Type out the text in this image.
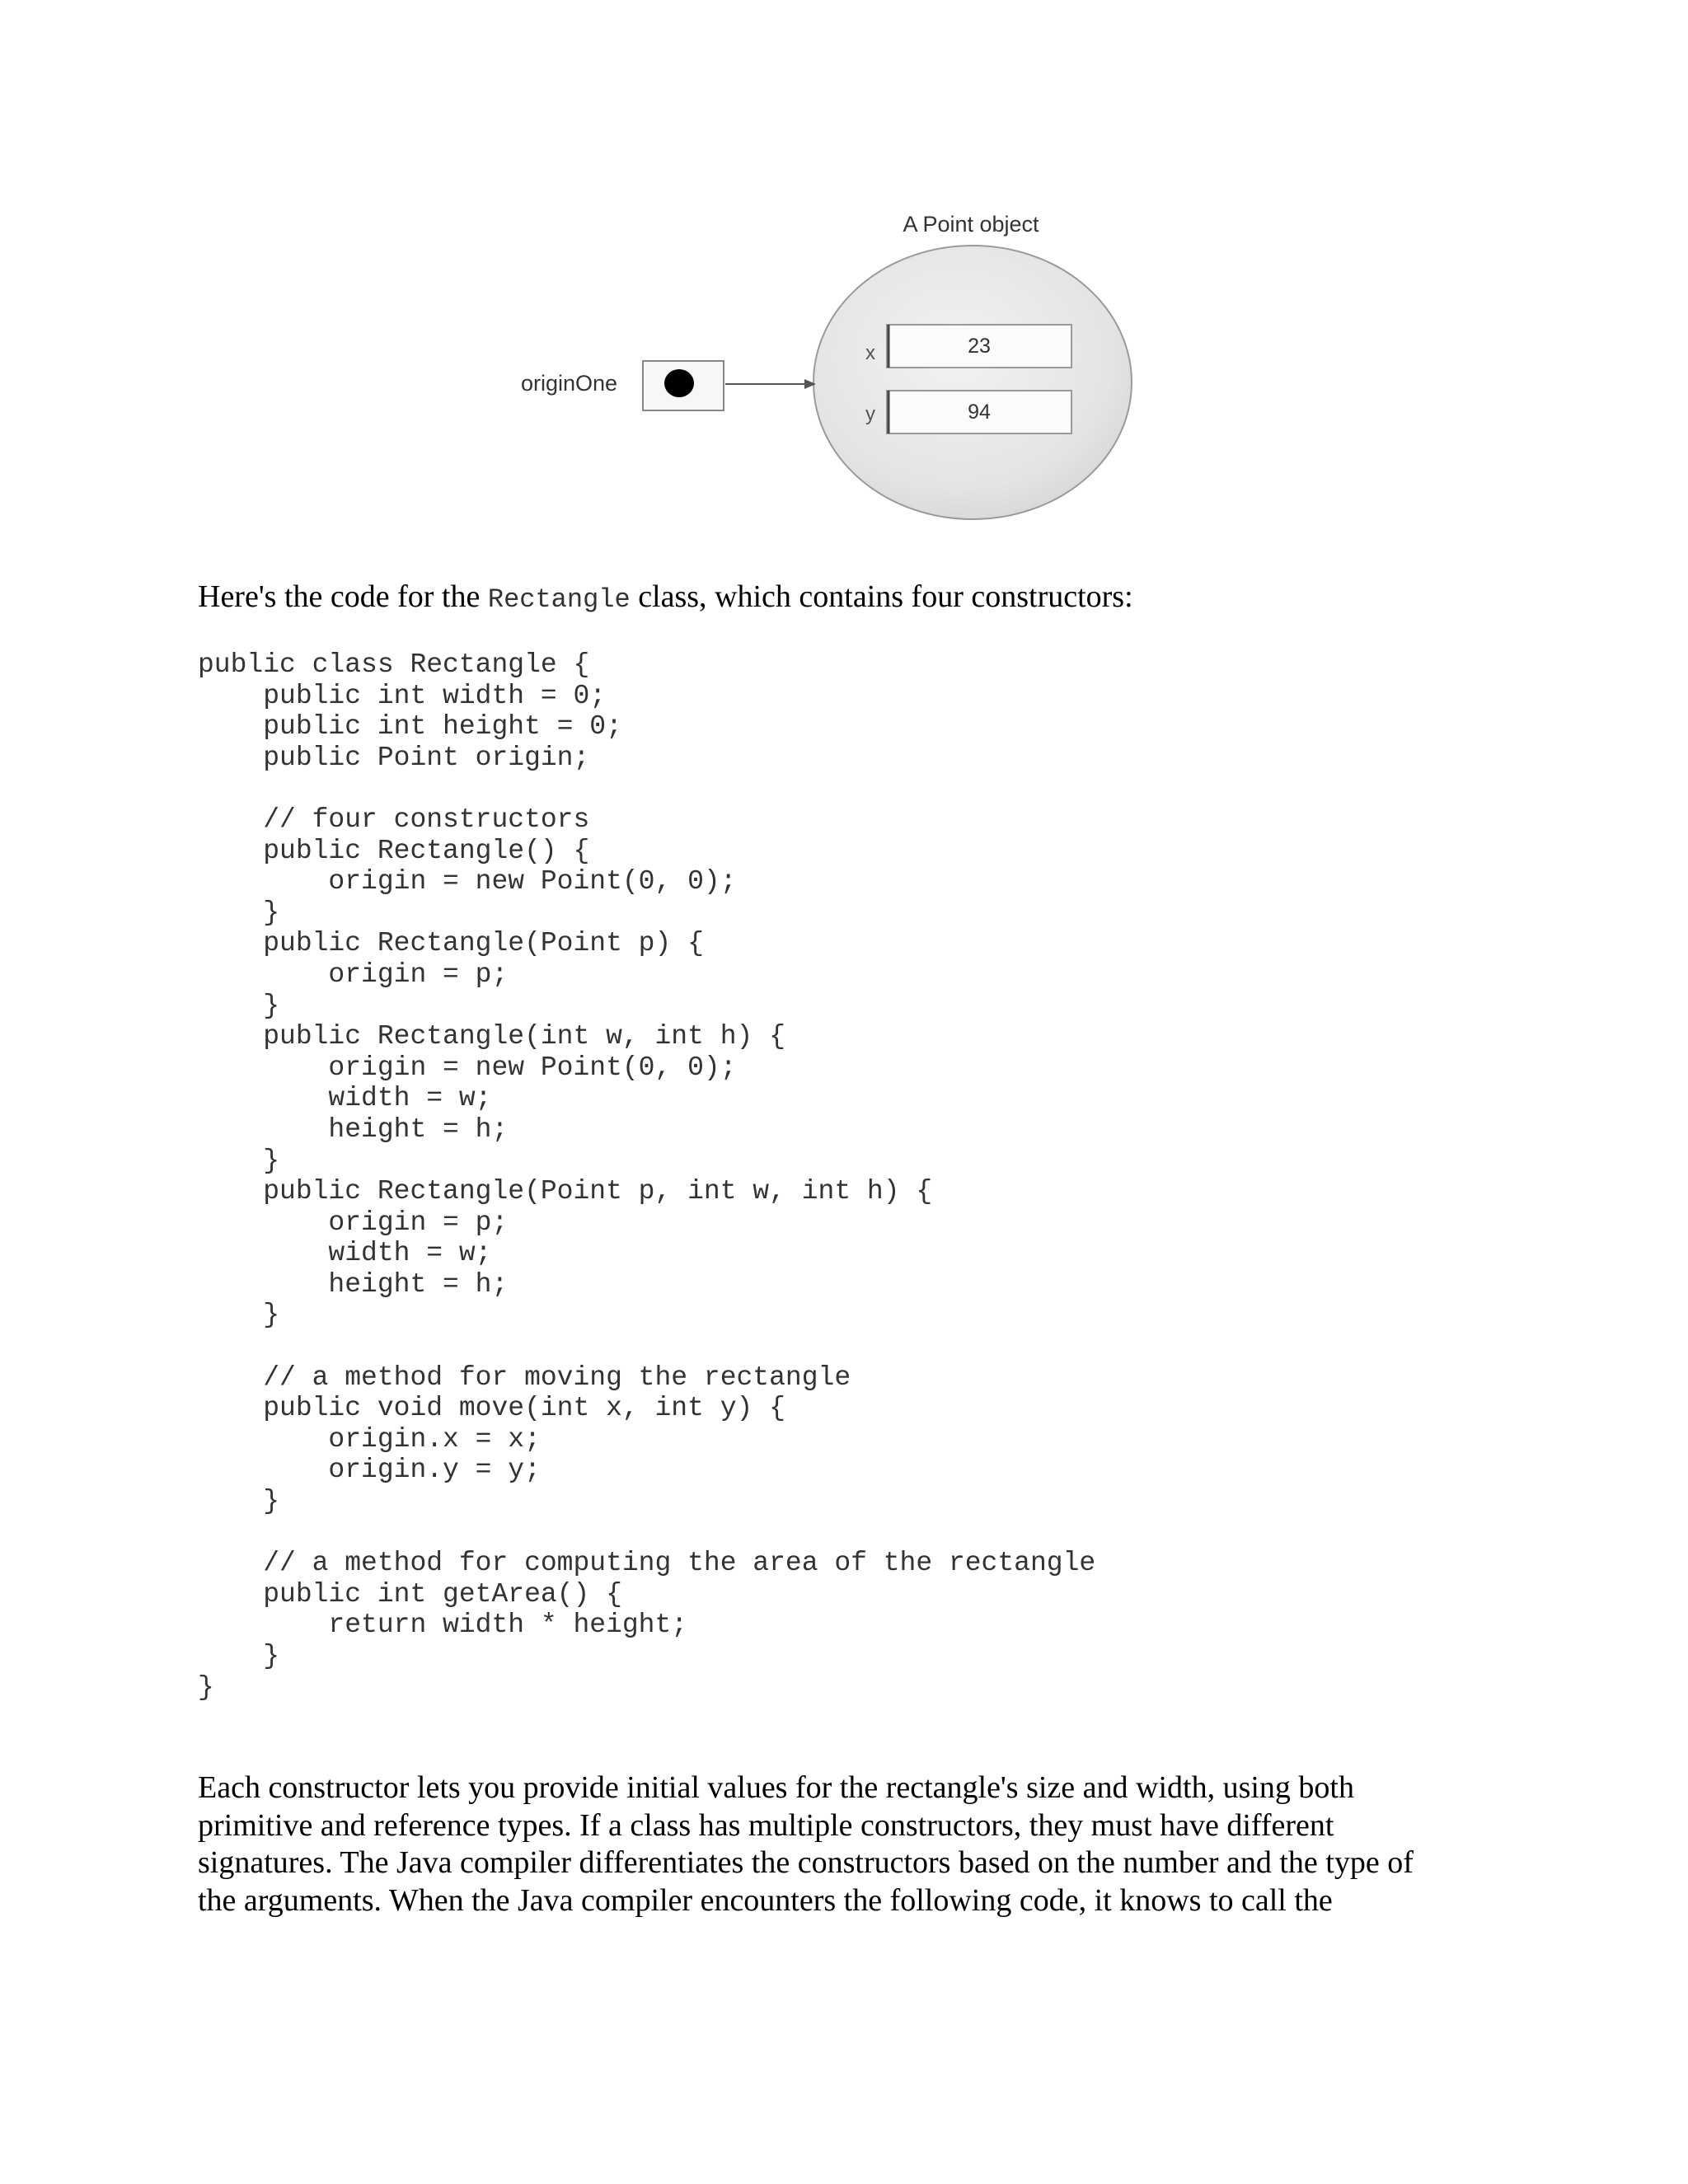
A Point object
originOne
x	23
y	94

Here's the code for the Rectangle class, which contains four constructors:

public class Rectangle {
public int width = 0;
public int height = 0;
public Point origin;
// four constructors
public Rectangle() {
origin = new Point(0, 0);
}
public Rectangle(Point p) {
origin = p;
}
public Rectangle(int w, int h) {
origin = new Point(0, 0);
width = w;
height = h;
}
public Rectangle(Point p, int w, int h) {
origin = p;
width = w;
height = h;
}
// a method for moving the rectangle
public void move(int x, int y) {
origin.x = x;
origin.y = y;
}
// a method for computing the area of the rectangle
public int getArea() {
return width * height;
}
}

Each constructor lets you provide initial values for the rectangle's size and width, using both
primitive and reference types. If a class has multiple constructors, they must have different
signatures. The Java compiler differentiates the constructors based on the number and the type of
the arguments. When the Java compiler encounters the following code, it knows to call the
